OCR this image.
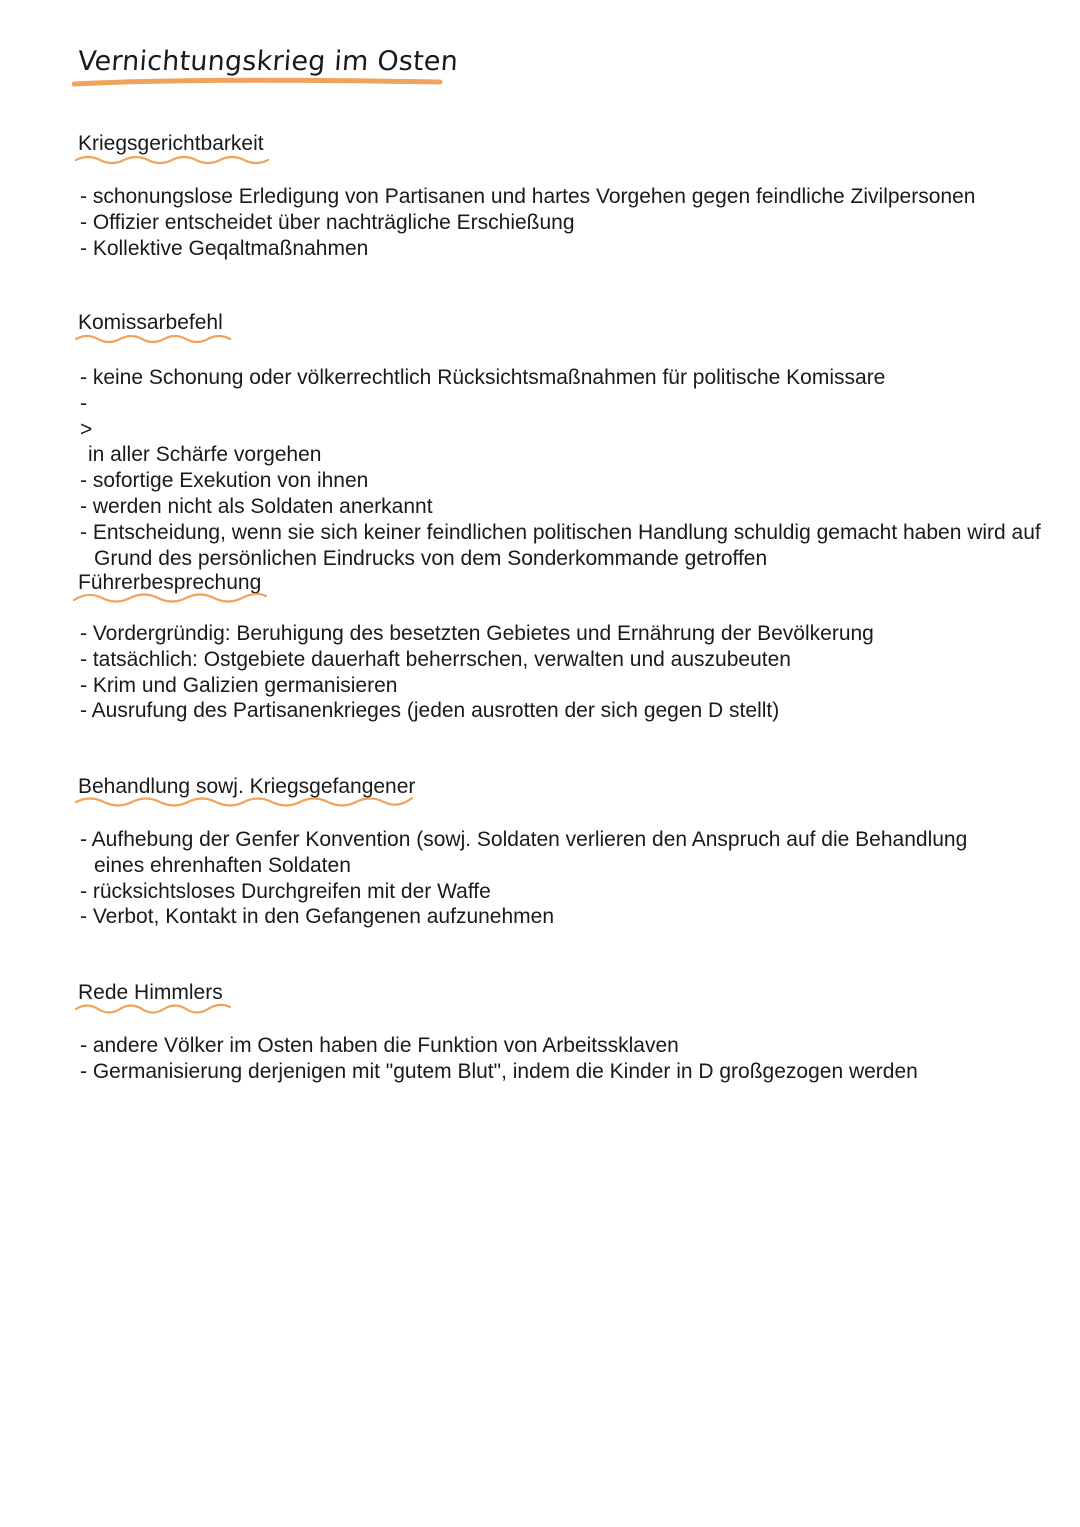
Vernichtungskrieg im Osten
Kriegsgerichtbarkeit
- schonungslose Erledigung von Partisanen und hartes Vorgehen gegen feindliche Zivilpersonen
- Offizier entscheidet über nachträgliche Erschießung
- Kollektive Geqaltmaßnahmen
Komissarbefehl
- keine Schonung oder völkerrechtlich Rücksichtsmaßnahmen für politische Komissare
-
>
in aller Schärfe vorgehen
- sofortige Exekution von ihnen
- werden nicht als Soldaten anerkannt
- Entscheidung, wenn sie sich keiner feindlichen politischen Handlung schuldig gemacht haben wird auf
Grund des persönlichen Eindrucks von dem Sonderkommande getroffen
Führerbesprechung
- Vordergründig: Beruhigung des besetzten Gebietes und Ernährung der Bevölkerung
- tatsächlich: Ostgebiete dauerhaft beherrschen, verwalten und auszubeuten
- Krim und Galizien germanisieren
- Ausrufung des Partisanenkrieges (jeden ausrotten der sich gegen D stellt)
Behandlung sowj. Kriegsgefangener
- Aufhebung der Genfer Konvention (sowj. Soldaten verlieren den Anspruch auf die Behandlung
eines ehrenhaften Soldaten
- rücksichtsloses Durchgreifen mit der Waffe
- Verbot, Kontakt in den Gefangenen aufzunehmen
Rede Himmlers
- andere Völker im Osten haben die Funktion von Arbeitssklaven
- Germanisierung derjenigen mit "gutem Blut", indem die Kinder in D großgezogen werden
